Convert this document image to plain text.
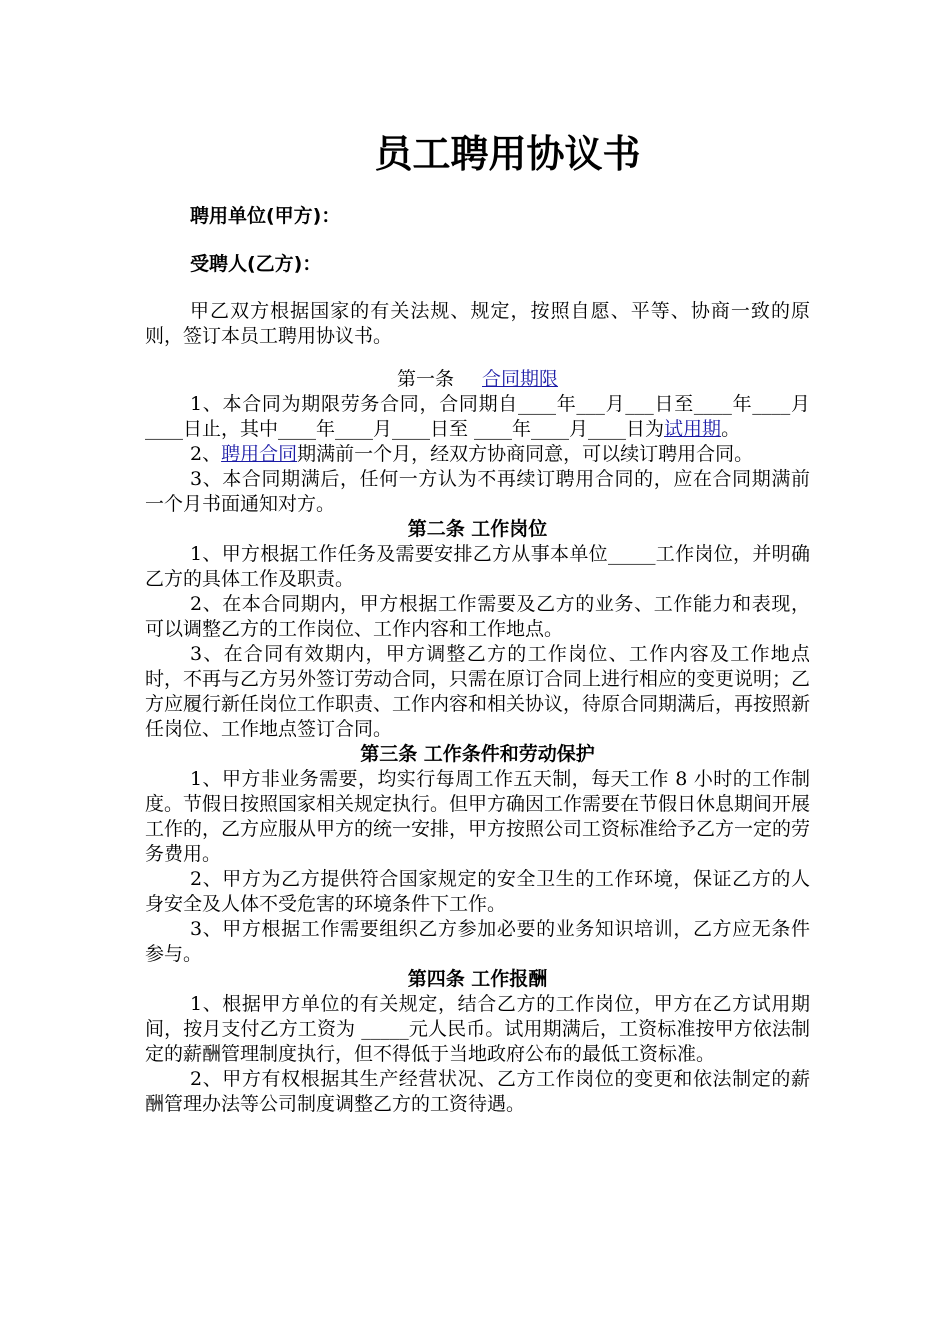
员工聘用协议书
聘用单位(甲方)：
受聘人(乙方)：

甲乙双方根据国家的有关法规、规定，按照自愿、平等、协商一致的原则，签订本员工聘用协议书。

第一条 合同期限

1、本合同为期限劳务合同，合同期自____年___月___日至____年____月____日止，其中____年____月____日至 ____年____月____日为试用期。

2、聘用合同期满前一个月，经双方协商同意，可以续订聘用合同。

3、本合同期满后，任何一方认为不再续订聘用合同的，应在合同期满前一个月书面通知对方。

第二条 工作岗位

1、甲方根据工作任务及需要安排乙方从事本单位_____工作岗位，并明确乙方的具体工作及职责。

2、在本合同期内，甲方根据工作需要及乙方的业务、工作能力和表现，可以调整乙方的工作岗位、工作内容和工作地点。

3、在合同有效期内，甲方调整乙方的工作岗位、工作内容及工作地点时，不再与乙方另外签订劳动合同，只需在原订合同上进行相应的变更说明；乙方应履行新任岗位工作职责、工作内容和相关协议，待原合同期满后，再按照新任岗位、工作地点签订合同。

第三条 工作条件和劳动保护

1、甲方非业务需要，均实行每周工作五天制，每天工作 8 小时的工作制度。节假日按照国家相关规定执行。但甲方确因工作需要在节假日休息期间开展工作的，乙方应服从甲方的统一安排，甲方按照公司工资标准给予乙方一定的劳务费用。

2、甲方为乙方提供符合国家规定的安全卫生的工作环境，保证乙方的人身安全及人体不受危害的环境条件下工作。

3、甲方根据工作需要组织乙方参加必要的业务知识培训，乙方应无条件参与。

第四条 工作报酬

1、根据甲方单位的有关规定，结合乙方的工作岗位，甲方在乙方试用期间，按月支付乙方工资为 _____元人民币。试用期满后，工资标准按甲方依法制定的薪酬管理制度执行，但不得低于当地政府公布的最低工资标准。

2、甲方有权根据其生产经营状况、乙方工作岗位的变更和依法制定的薪酬管理办法等公司制度调整乙方的工资待遇。
